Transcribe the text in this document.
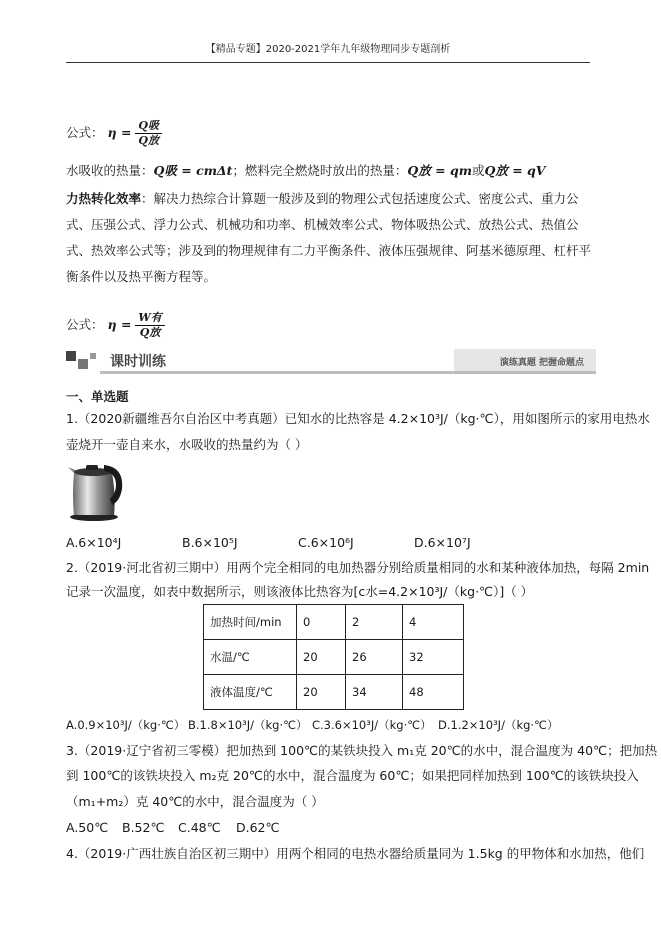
【精品专题】2020-2021学年九年级物理同步专题剖析
公式： $\eta = \frac{\text{Q吸}}{\text{Q放}}$
水吸收的热量：Q吸 = cmΔt；燃料完全燃烧时放出的热量：Q放 = qm或Q放 = qV
力热转化效率：解决力热综合计算题一般涉及到的物理公式包括速度公式、密度公式、重力公式、压强公式、浮力公式、机械功和功率、机械效率公式、物体吸热公式、放热公式、热值公式、热效率公式等；涉及到的物理规律有二力平衡条件、液体压强规律、阿基米德原理、杠杆平衡条件以及热平衡方程等。
公式： $\eta = \frac{\text{W有}}{\text{Q放}}$
课时训练	演练真题 把握命题点
一、单选题
1.（2020新疆维吾尔自治区中考真题）已知水的比热容是 4.2×10³J/（kg·℃），用如图所示的家用电热水
壶烧开一壶自来水，水吸收的热量约为（ ）
A.6×10⁴J	B.6×10⁵J	C.6×10⁶J	D.6×10⁷J
2.（2019·河北省初三期中）用两个完全相同的电加热器分别给质量相同的水和某种液体加热，每隔 2min
记录一次温度，如表中数据所示，则该液体比热容为[c水=4.2×10³J/（kg·℃）]（ ）
加热时间/min	0	2	4
水温/℃	20	26	32
液体温度/℃	20	34	48
A.0.9×10³J/（kg·℃） B.1.8×10³J/（kg·℃） C.3.6×10³J/（kg·℃） D.1.2×10³J/（kg·℃）
3.（2019·辽宁省初三零模）把加热到 100℃的某铁块投入 m₁克 20℃的水中，混合温度为 40℃；把加热
到 100℃的该铁块投入 m₂克 20℃的水中，混合温度为 60℃；如果把同样加热到 100℃的该铁块投入
（m₁+m₂）克 40℃的水中，混合温度为（ ）
A.50℃ B.52℃ C.48℃ D.62℃
4.（2019·广西壮族自治区初三期中）用两个相同的电热水器给质量同为 1.5kg 的甲物体和水加热，他们
